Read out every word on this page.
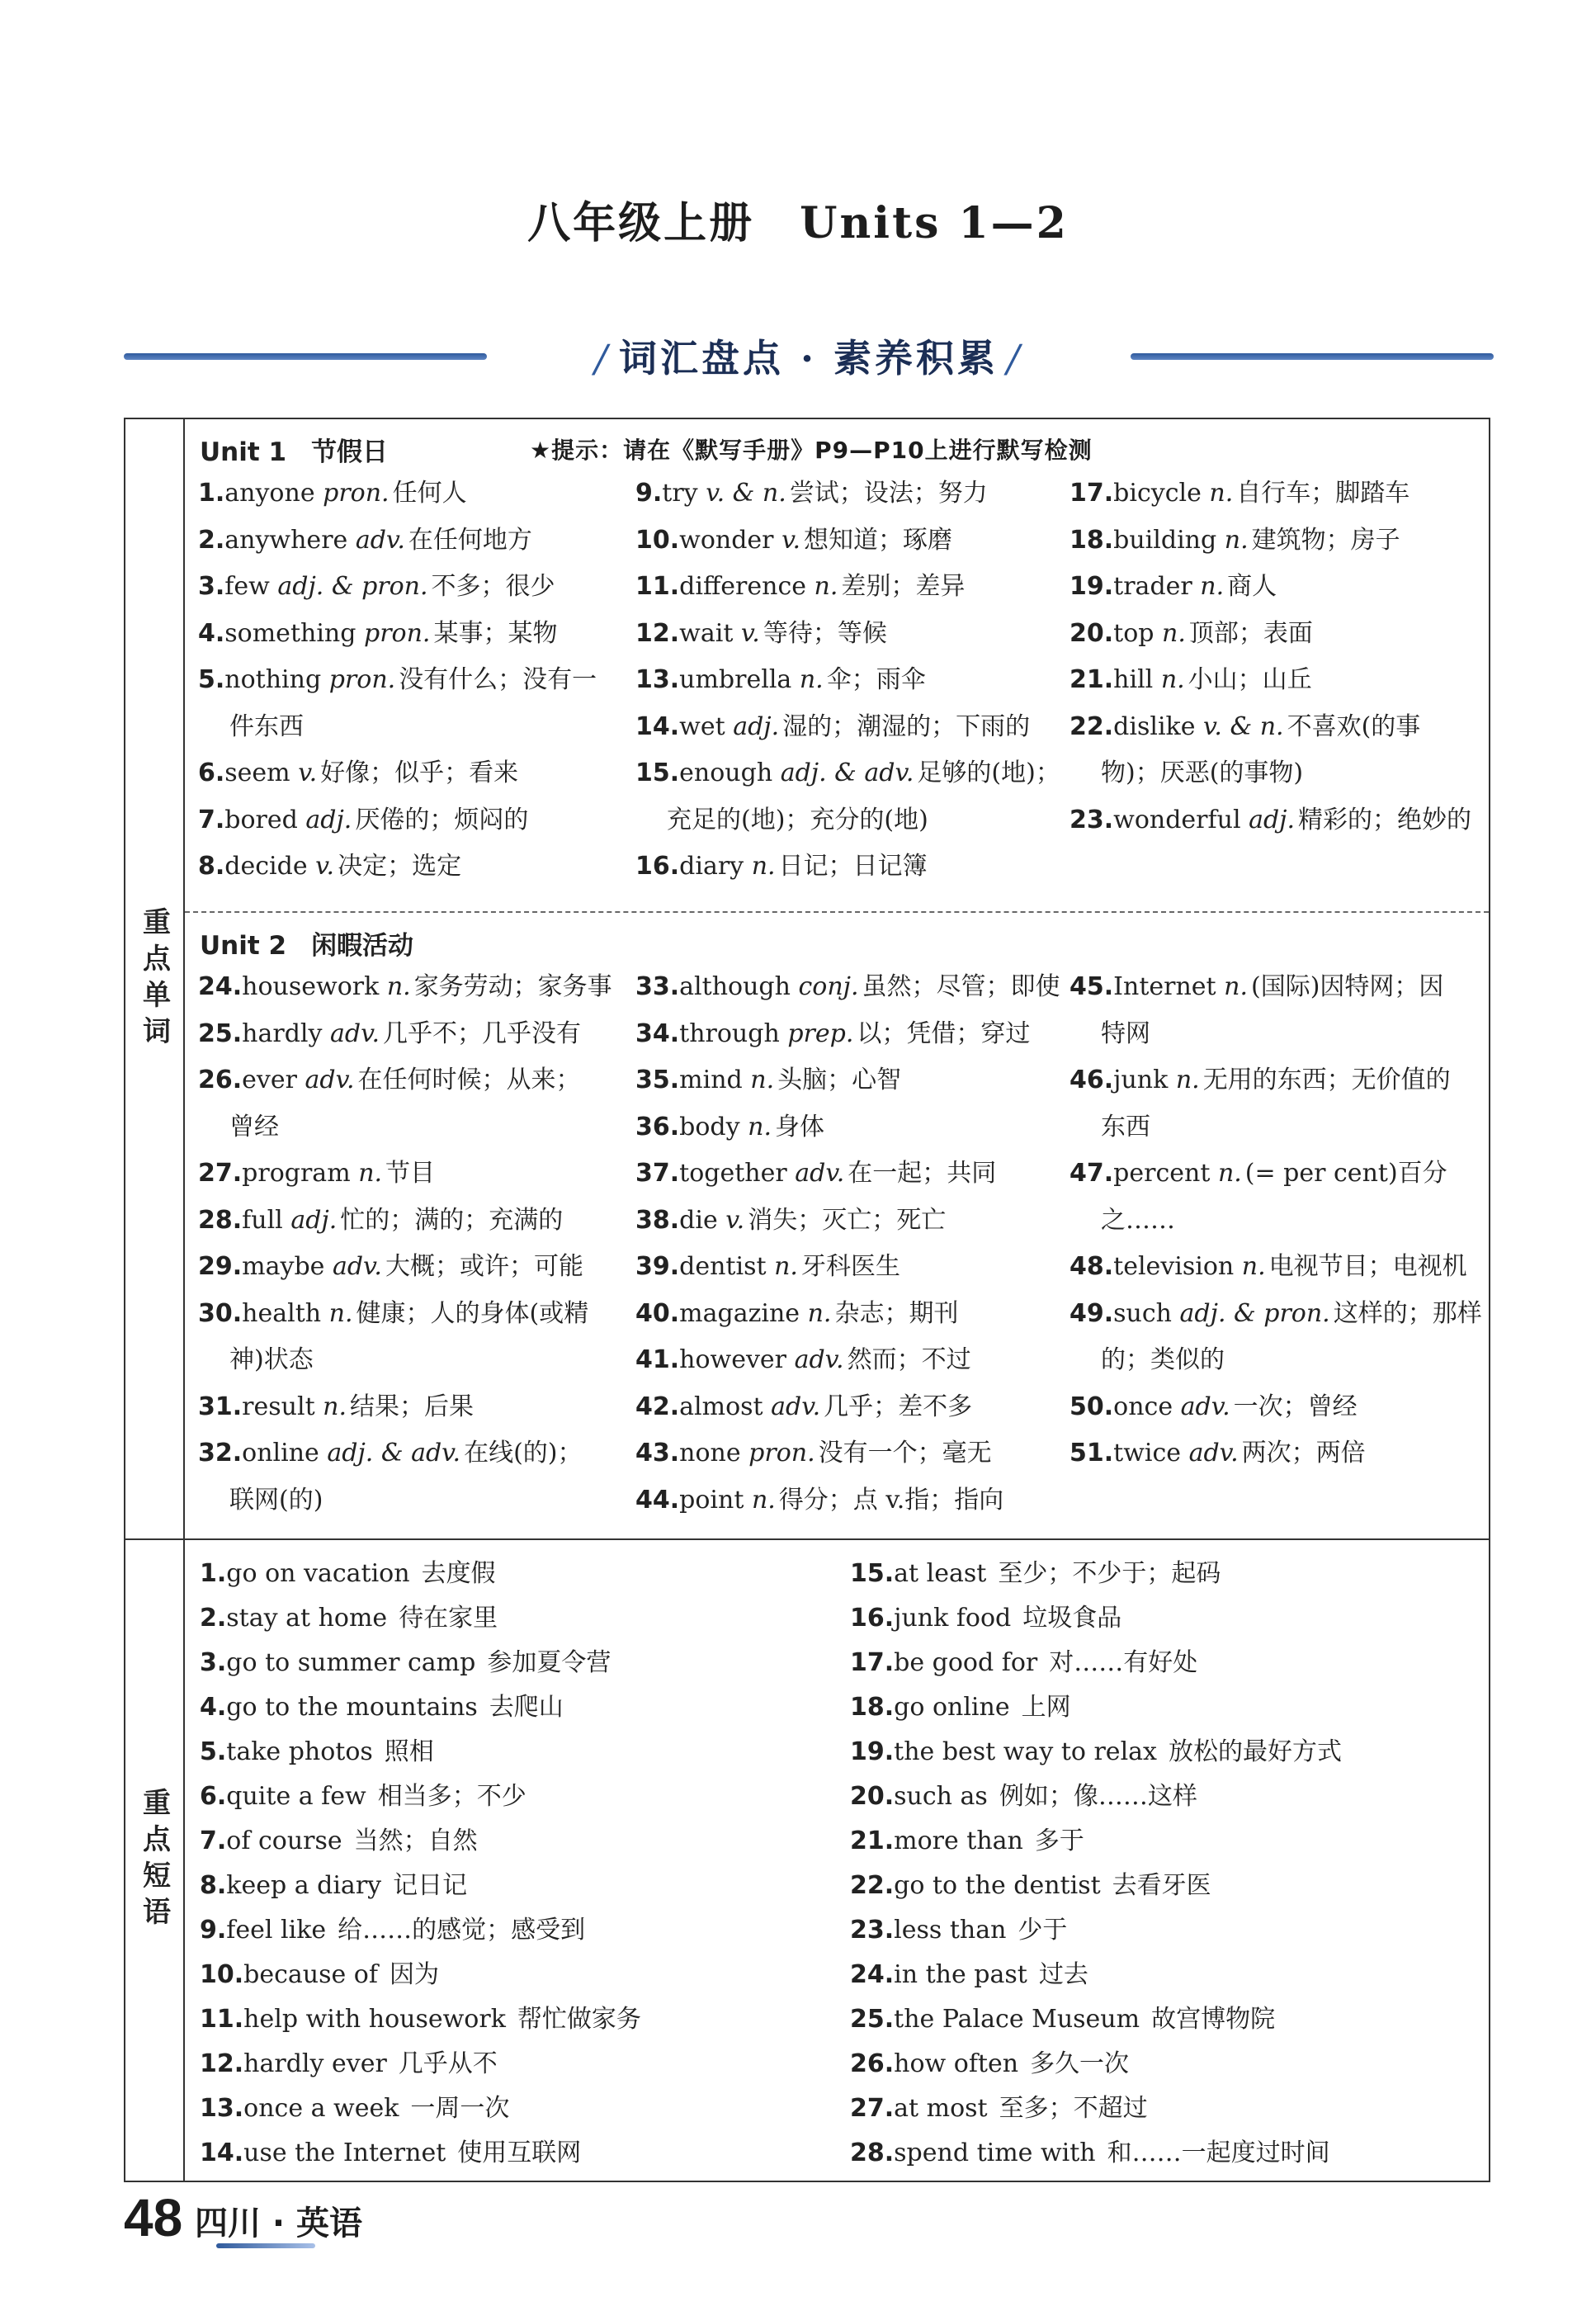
八年级上册　Units 1—2
/ 词汇盘点 · 素养积累 /
重点单词
重点短语
Unit 1 节假日	★提示：请在《默写手册》P9—P10上进行默写检测
1.anyone pron. 任何人
2.anywhere adv. 在任何地方
3.few adj. & pron. 不多；很少
4.something pron. 某事；某物
5.nothing pron. 没有什么；没有一
件东西
6.seem v. 好像；似乎；看来
7.bored adj. 厌倦的；烦闷的
8.decide v. 决定；选定
9.try v. & n. 尝试；设法；努力
10.wonder v. 想知道；琢磨
11.difference n. 差别；差异
12.wait v. 等待；等候
13.umbrella n. 伞；雨伞
14.wet adj. 湿的；潮湿的；下雨的
15.enough adj. & adv. 足够的(地)；
充足的(地)；充分的(地)
16.diary n. 日记；日记簿
17.bicycle n. 自行车；脚踏车
18.building n. 建筑物；房子
19.trader n. 商人
20.top n. 顶部；表面
21.hill n. 小山；山丘
22.dislike v. & n. 不喜欢(的事
物)；厌恶(的事物)
23.wonderful adj. 精彩的；绝妙的
Unit 2 闲暇活动
24.housework n. 家务劳动；家务事
25.hardly adv. 几乎不；几乎没有
26.ever adv. 在任何时候；从来；
曾经
27.program n. 节目
28.full adj. 忙的；满的；充满的
29.maybe adv. 大概；或许；可能
30.health n. 健康；人的身体(或精
神)状态
31.result n. 结果；后果
32.online adj. & adv. 在线(的)；
联网(的)
33.although conj. 虽然；尽管；即使
34.through prep. 以；凭借；穿过
35.mind n. 头脑；心智
36.body n. 身体
37.together adv. 在一起；共同
38.die v. 消失；灭亡；死亡
39.dentist n. 牙科医生
40.magazine n. 杂志；期刊
41.however adv. 然而；不过
42.almost adv. 几乎；差不多
43.none pron. 没有一个；毫无
44.point n. 得分；点 v.指；指向
45.Internet n. (国际)因特网；因
特网
46.junk n. 无用的东西；无价值的
东西
47.percent n. (= per cent)百分
之……
48.television n. 电视节目；电视机
49.such adj. & pron. 这样的；那样
的；类似的
50.once adv. 一次；曾经
51.twice adv. 两次；两倍
1.go on vacation 去度假
2.stay at home 待在家里
3.go to summer camp 参加夏令营
4.go to the mountains 去爬山
5.take photos 照相
6.quite a few 相当多；不少
7.of course 当然；自然
8.keep a diary 记日记
9.feel like 给……的感觉；感受到
10.because of 因为
11.help with housework 帮忙做家务
12.hardly ever 几乎从不
13.once a week 一周一次
14.use the Internet 使用互联网
15.at least 至少；不少于；起码
16.junk food 垃圾食品
17.be good for 对……有好处
18.go online 上网
19.the best way to relax 放松的最好方式
20.such as 例如；像……这样
21.more than 多于
22.go to the dentist 去看牙医
23.less than 少于
24.in the past 过去
25.the Palace Museum 故宫博物院
26.how often 多久一次
27.at most 至多；不超过
28.spend time with 和……一起度过时间
48 四川 · 英语
